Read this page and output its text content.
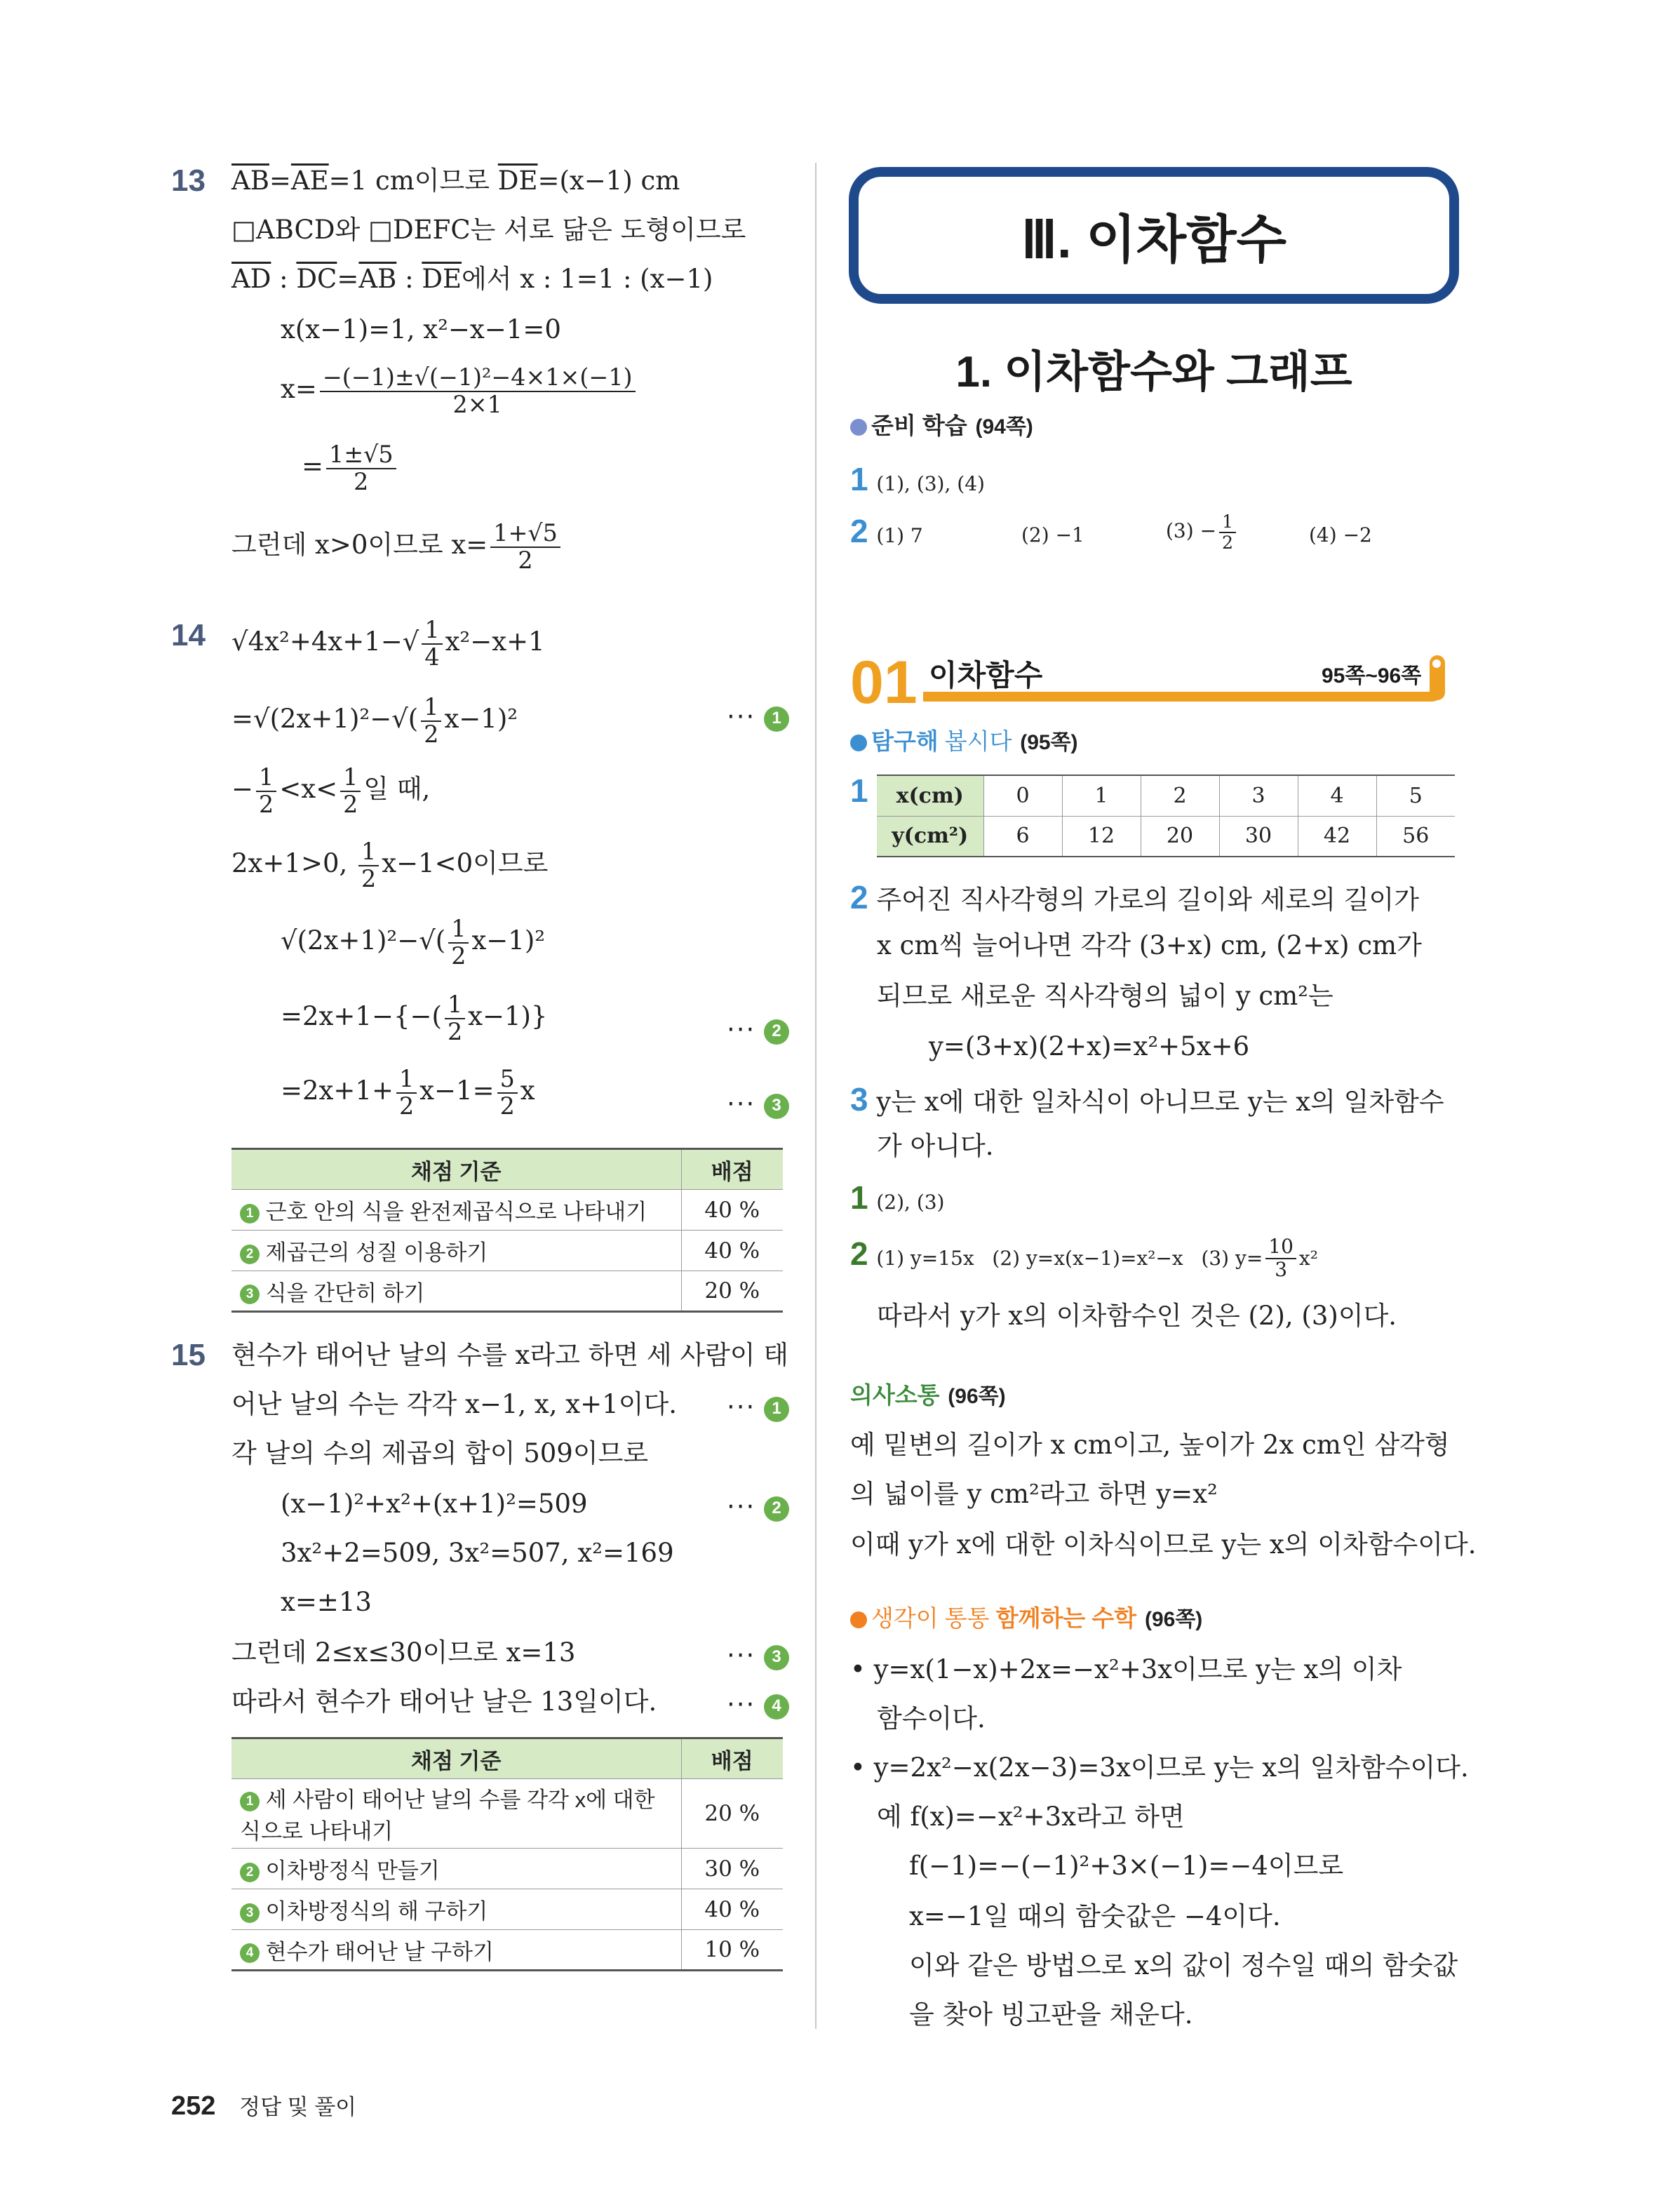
13 $\overline{AB}=\overline{AE}=1$ cm이므로 $\overline{DE}=(x-1)$ cm
□ABCD와 □DEFC는 서로 닮은 도형이므로
$\overline{AD}$ : $\overline{DC}=\overline{AB}$ : $\overline{DE}$에서 x : 1=1 : (x−1)
x(x−1)=1, x²−x−1=0
$x= \frac{\text{−(−1)±√(−1)²−4×1×(−1)}}{2\times 1}$
= $\frac{1\pm√5}{2}$
그런데 x>0이므로 $x= \frac{1+√5}{2}$
14 $√4x^2+4x+1-√ \frac{1}{4} x^2-x+1$
$=√(2x+1)^2-√( \frac{1}{2} x-1)^2$	··· 1
− $\frac{1}{2} <x< \frac{1}{2}$ 일 때,
2x+1>0, $\frac{1}{2} x-1<0$이므로
$√(2x+1)^2-√( \frac{1}{2} x-1)^2$
$=2x+1-\{-( \frac{1}{2} x-1)\}$	··· 2
$=2x+1+ \frac{1}{2} x-1= \frac{5}{2}$ x	··· 3
채점 기준	배점
1 근호 안의 식을 완전제곱식으로 나타내기	40 %
2 제곱근의 성질 이용하기	40 %
3 식을 간단히 하기	20 %
15 현수가 태어난 날의 수를 x라고 하면 세 사람이 태
어난 날의 수는 각각 x−1, x, x+1이다. ··· 1
각 날의 수의 제곱의 합이 509이므로
(x−1)²+x²+(x+1)²=509	··· 2
3x²+2=509, 3x²=507, x²=169
x=±13
그런데 2≤x≤30이므로 x=13	··· 3
따라서 현수가 태어난 날은 13일이다.	··· 4
채점 기준	배점
1 세 사람이 태어난 날의 수를 각각 x에 대한 식으로 나타내기	20 %
2 이차방정식 만들기	30 %
3 이차방정식의 해 구하기	40 %
4 현수가 태어난 날 구하기	10 %
Ⅲ. 이차함수
1. 이차함수와 그래프
준비 학습 (94쪽)
1 (1), (3), (4)
2 (1) 7	(2) −1	$(3) - \frac{1}{2}$	(4) −2
01 이차함수	95쪽~96쪽
탐구해 봅시다 (95쪽)
1 x(cm)	0	1	2	3	4	5
y(cm²)	6	12	20	30	42	56
2 주어진 직사각형의 가로의 길이와 세로의 길이가
x cm씩 늘어나면 각각 (3+x) cm, (2+x) cm가
되므로 새로운 직사각형의 넓이 y cm²는
y=(3+x)(2+x)=x²+5x+6
3 y는 x에 대한 일차식이 아니므로 y는 x의 일차함수
가 아니다.
1 (2), (3)
2 (1) y=15x (2) y=x(x−1)=x²−x (3) $y= \frac{10}{3} x^2$
따라서 y가 x의 이차함수인 것은 (2), (3)이다.
의사소통 (96쪽)
예 밑변의 길이가 x cm이고, 높이가 2x cm인 삼각형
의 넓이를 y cm²라고 하면 y=x²
이때 y가 x에 대한 이차식이므로 y는 x의 이차함수이다.
생각이 통통 함께하는 수학 (96쪽)
• y=x(1−x)+2x=−x²+3x이므로 y는 x의 이차
함수이다.
• y=2x²−x(2x−3)=3x이므로 y는 x의 일차함수이다.
예 f(x)=−x²+3x라고 하면
f(−1)=−(−1)²+3×(−1)=−4이므로
x=−1일 때의 함숫값은 −4이다.
이와 같은 방법으로 x의 값이 정수일 때의 함숫값
을 찾아 빙고판을 채운다.
252 정답 및 풀이
